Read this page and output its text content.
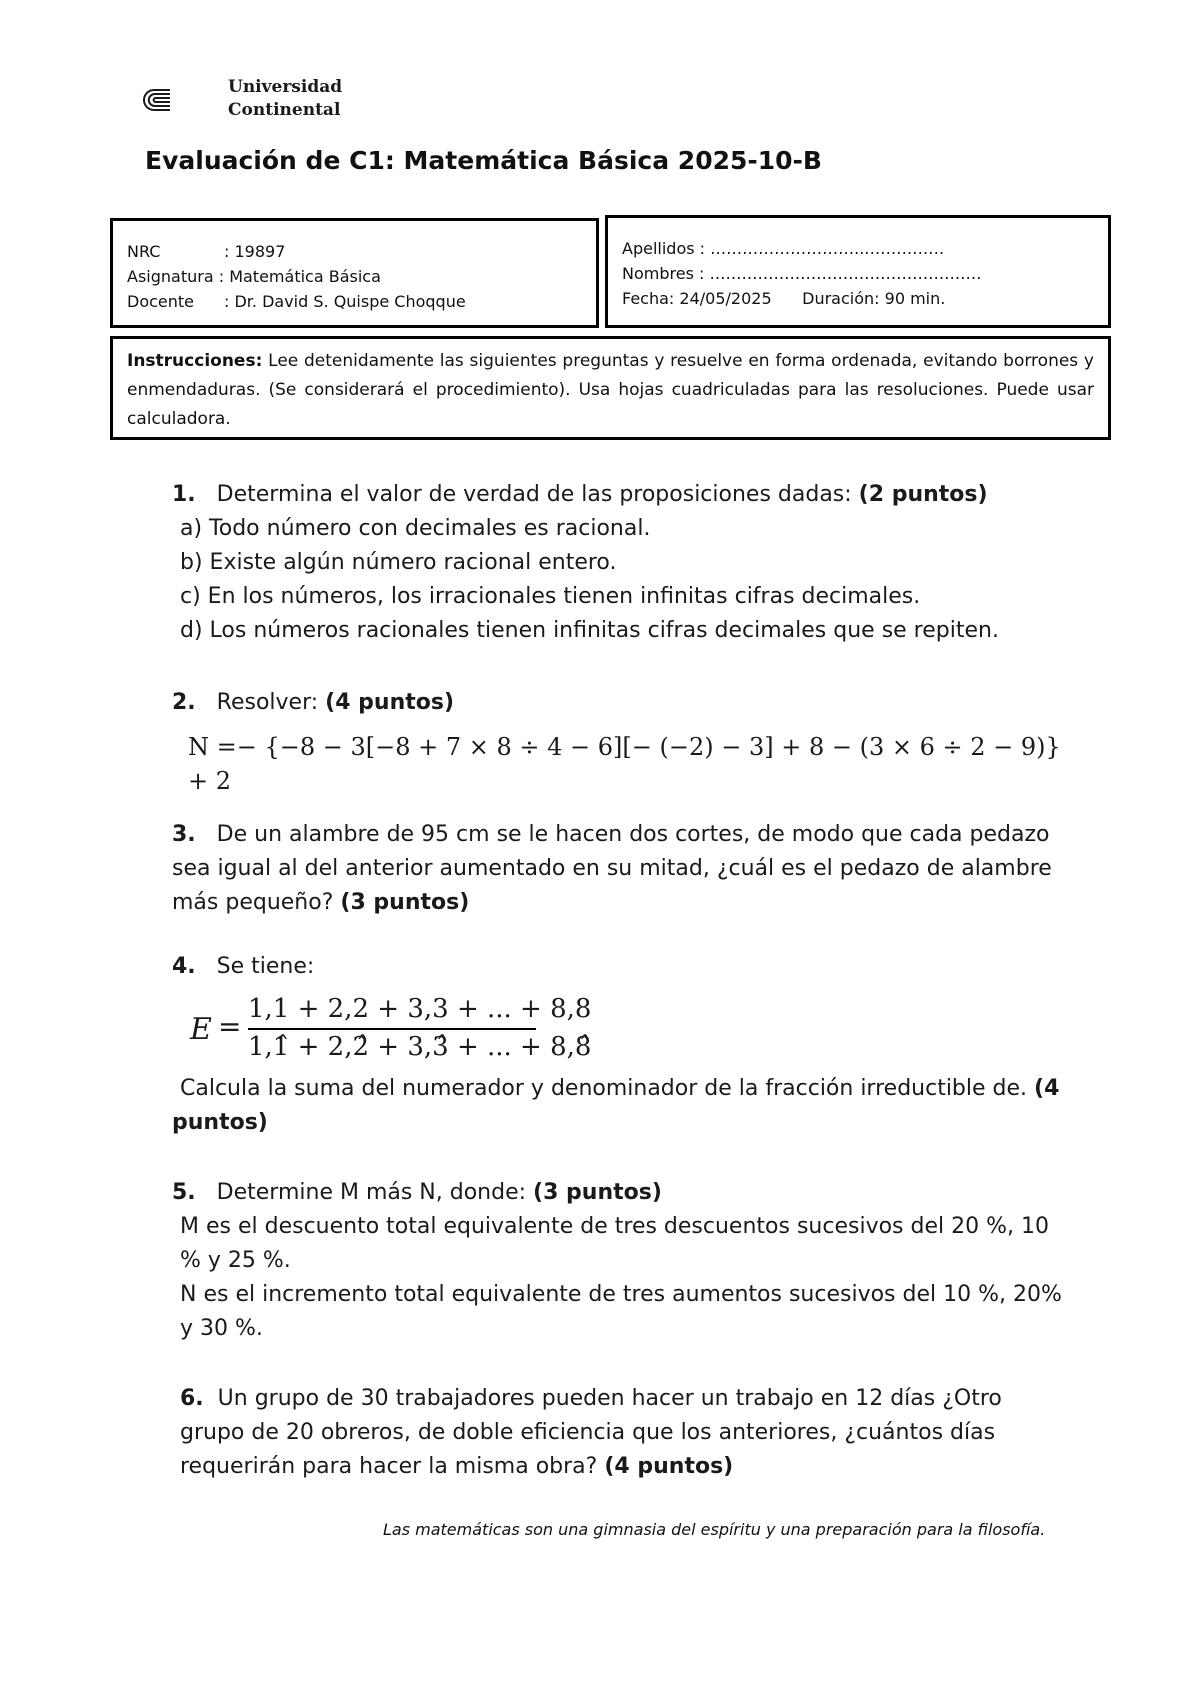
Universidad
Continental
Evaluación de C1: Matemática Básica 2025-10-B
NRC	: 19897
Asignatura : Matemática Básica
Docente : Dr. David S. Quispe Choqque
Apellidos : ………………………..……………
Nombres : ……………………………………………
Fecha: 24/05/2025 Duración: 90 min.
Instrucciones: Lee detenidamente las siguientes preguntas y resuelve en forma ordenada, evitando borrones y enmendaduras. (Se considerará el procedimiento). Usa hojas cuadriculadas para las resoluciones. Puede usar calculadora.
1. Determina el valor de verdad de las proposiciones dadas: (2 puntos)
a) Todo número con decimales es racional.
b) Existe algún número racional entero.
c) En los números, los irracionales tienen infinitas cifras decimales.
d) Los números racionales tienen infinitas cifras decimales que se repiten.
2. Resolver: (4 puntos)
N =− {−8 − 3[−8 + 7 × 8 ÷ 4 − 6][− (−2) − 3] + 8 − (3 × 6 ÷ 2 − 9)} + 2
3. De un alambre de 95 cm se le hacen dos cortes, de modo que cada pedazo sea igual al del anterior aumentado en su mitad, ¿cuál es el pedazo de alambre más pequeño? (3 puntos)
4. Se tiene:
E =
1,1 + 2,2 + 3,3 + ... + 8,8
1,1̂ + 2,2̂ + 3,3̂ + ... + 8,8̂
Calcula la suma del numerador y denominador de la fracción irreductible de. (4 puntos)
5. Determine M más N, donde: (3 puntos)
M es el descuento total equivalente de tres descuentos sucesivos del 20 %, 10 % y 25 %.
N es el incremento total equivalente de tres aumentos sucesivos del 10 %, 20% y 30 %.
6. Un grupo de 30 trabajadores pueden hacer un trabajo en 12 días ¿Otro grupo de 20 obreros, de doble eficiencia que los anteriores, ¿cuántos días requerirán para hacer la misma obra? (4 puntos)
Las matemáticas son una gimnasia del espíritu y una preparación para la filosofía.
